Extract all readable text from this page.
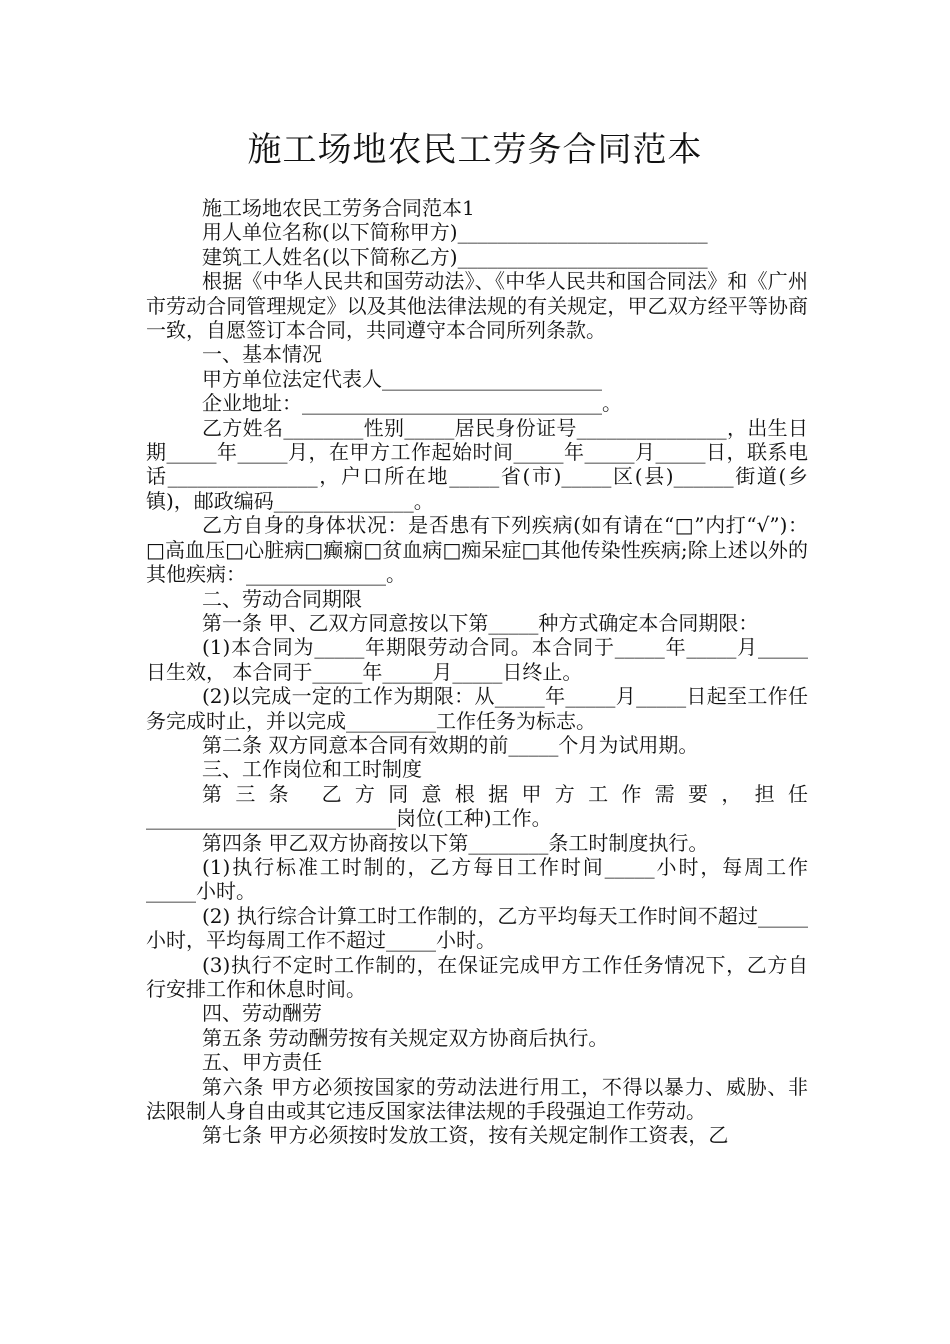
施工场地农民工劳务合同范本

施工场地农民工劳务合同范本1

用人单位名称(以下简称甲方)_________________________

建筑工人姓名(以下简称乙方)_________________________

根据《中华人民共和国劳动法》、《中华人民共和国合同法》和《广州市劳动合同管理规定》以及其他法律法规的有关规定，甲乙双方经平等协商一致，自愿签订本合同，共同遵守本合同所列条款。

一、基本情况

甲方单位法定代表人______________________

企业地址：______________________________。

乙方姓名________性别_____居民身份证号_______________，出生日期_____年_____月，在甲方工作起始时间_____年_____月_____日，联系电话_______________，户口所在地_____省(市)_____区(县)______街道(乡镇)，邮政编码______________。

乙方自身的身体状况：是否患有下列疾病(如有请在“□”内打“√”)：□高血压□心脏病□癫痫□贫血病□痴呆症□其他传染性疾病;除上述以外的其他疾病：______________。

二、劳动合同期限

第一条 甲、乙双方同意按以下第_____种方式确定本合同期限：

(1)本合同为_____年期限劳动合同。本合同于_____年_____月_____日生效， 本合同于_____年_____月_____日终止。

(2)以完成一定的工作为期限：从_____年_____月_____日起至工作任务完成时止，并以完成_________工作任务为标志。

第二条 双方同意本合同有效期的前_____个月为试用期。

三、工作岗位和工时制度

第三条 乙方同意根据甲方工作需要，担任_________________________岗位(工种)工作。

第四条 甲乙双方协商按以下第________条工时制度执行。

(1)执行标准工时制的，乙方每日工作时间_____小时，每周工作_____小时。

(2) 执行综合计算工时工作制的，乙方平均每天工作时间不超过_____小时，平均每周工作不超过_____小时。

(3)执行不定时工作制的，在保证完成甲方工作任务情况下，乙方自行安排工作和休息时间。

四、劳动酬劳

第五条 劳动酬劳按有关规定双方协商后执行。

五、甲方责任

第六条 甲方必须按国家的劳动法进行用工，不得以暴力、威胁、非法限制人身自由或其它违反国家法律法规的手段强迫工作劳动。

第七条 甲方必须按时发放工资，按有关规定制作工资表，乙
